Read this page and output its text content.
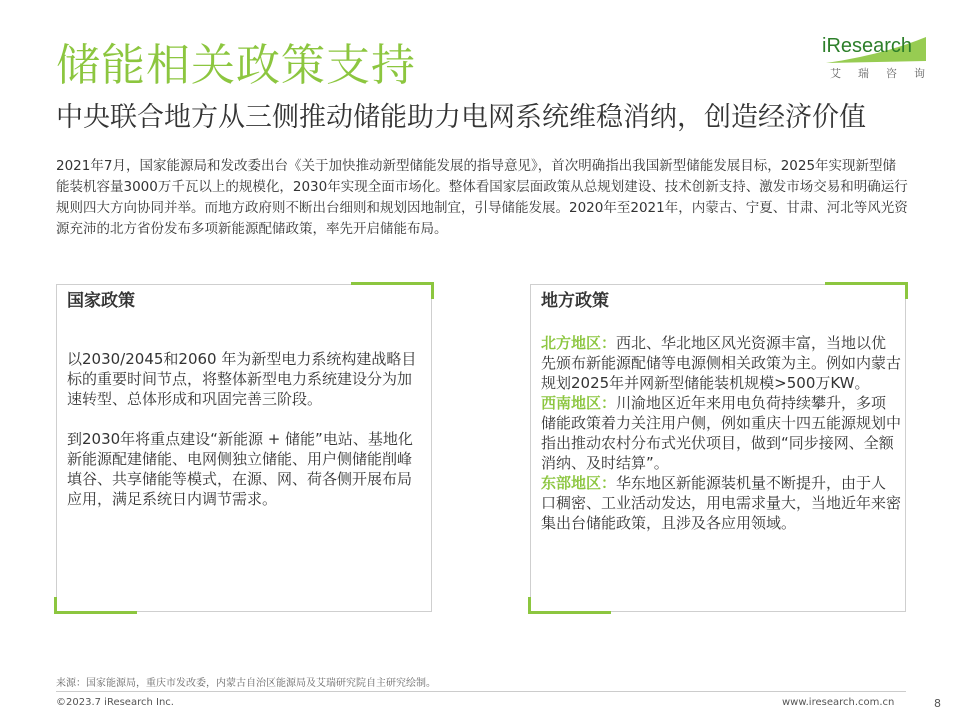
储能相关政策支持	iResearch
艾瑞咨询
中央联合地方从三侧推动储能助力电网系统维稳消纳，创造经济价值

2021年7月，国家能源局和发改委出台《关于加快推动新型储能发展的指导意见》，首次明确指出我国新型储能发展目标，2025年实现新型储能装机容量3000万千瓦以上的规模化，2030年实现全面市场化。整体看国家层面政策从总规划建设、技术创新支持、激发市场交易和明确运行规则四大方向协同并举。而地方政府则不断出台细则和规划因地制宜，引导储能发展。2020年至2021年，内蒙古、宁夏、甘肃、河北等风光资源充沛的北方省份发布多项新能源配储政策，率先开启储能布局。

国家政策

以2030/2045和2060 年为新型电力系统构建战略目标的重要时间节点，将整体新型电力系统建设分为加速转型、总体形成和巩固完善三阶段。

到2030年将重点建设“新能源 + 储能”电站、基地化新能源配建储能、电网侧独立储能、用户侧储能削峰填谷、共享储能等模式，在源、网、荷各侧开展布局应用，满足系统日内调节需求。

地方政策

北方地区：西北、华北地区风光资源丰富，当地以优先颁布新能源配储等电源侧相关政策为主。例如内蒙古规划2025年并网新型储能装机规模>500万KW。

西南地区：川渝地区近年来用电负荷持续攀升，多项储能政策着力关注用户侧，例如重庆十四五能源规划中指出推动农村分布式光伏项目，做到“同步接网、全额消纳、及时结算”。

东部地区：华东地区新能源装机量不断提升，由于人口稠密、工业活动发达，用电需求量大，当地近年来密集出台储能政策，且涉及各应用领域。

来源：国家能源局，重庆市发改委，内蒙古自治区能源局及艾瑞研究院自主研究绘制。
©2023.7 iResearch Inc.	www.iresearch.com.cn	8
